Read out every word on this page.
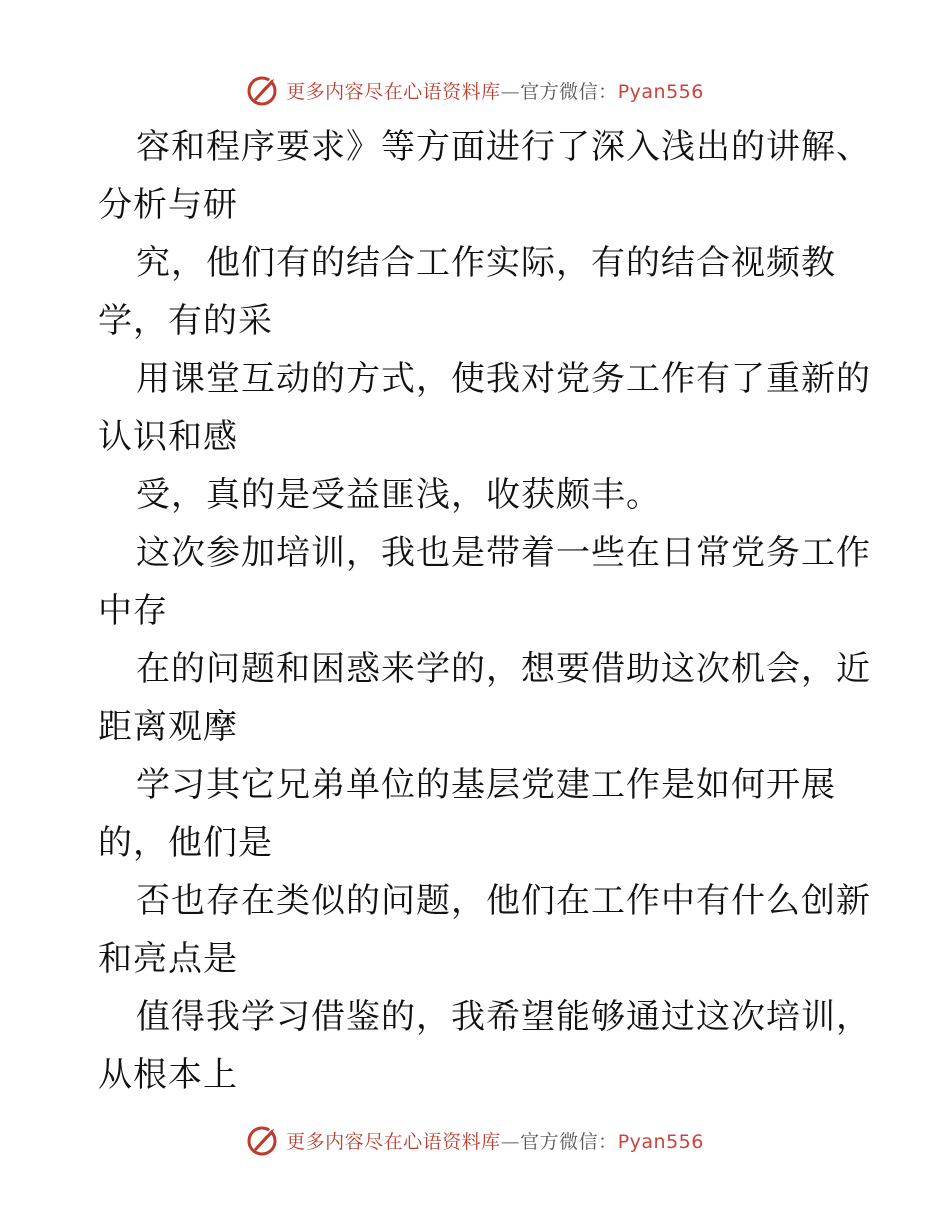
更多内容尽在心语资料库—官方微信：Pyan556
容和程序要求》等方面进行了深入浅出的讲解、
分析与研
究，他们有的结合工作实际，有的结合视频教
学，有的采
用课堂互动的方式，使我对党务工作有了重新的
认识和感
受，真的是受益匪浅，收获颇丰。
这次参加培训，我也是带着一些在日常党务工作
中存
在的问题和困惑来学的，想要借助这次机会，近
距离观摩
学习其它兄弟单位的基层党建工作是如何开展
的，他们是
否也存在类似的问题，他们在工作中有什么创新
和亮点是
值得我学习借鉴的，我希望能够通过这次培训，
从根本上
更多内容尽在心语资料库—官方微信：Pyan556
